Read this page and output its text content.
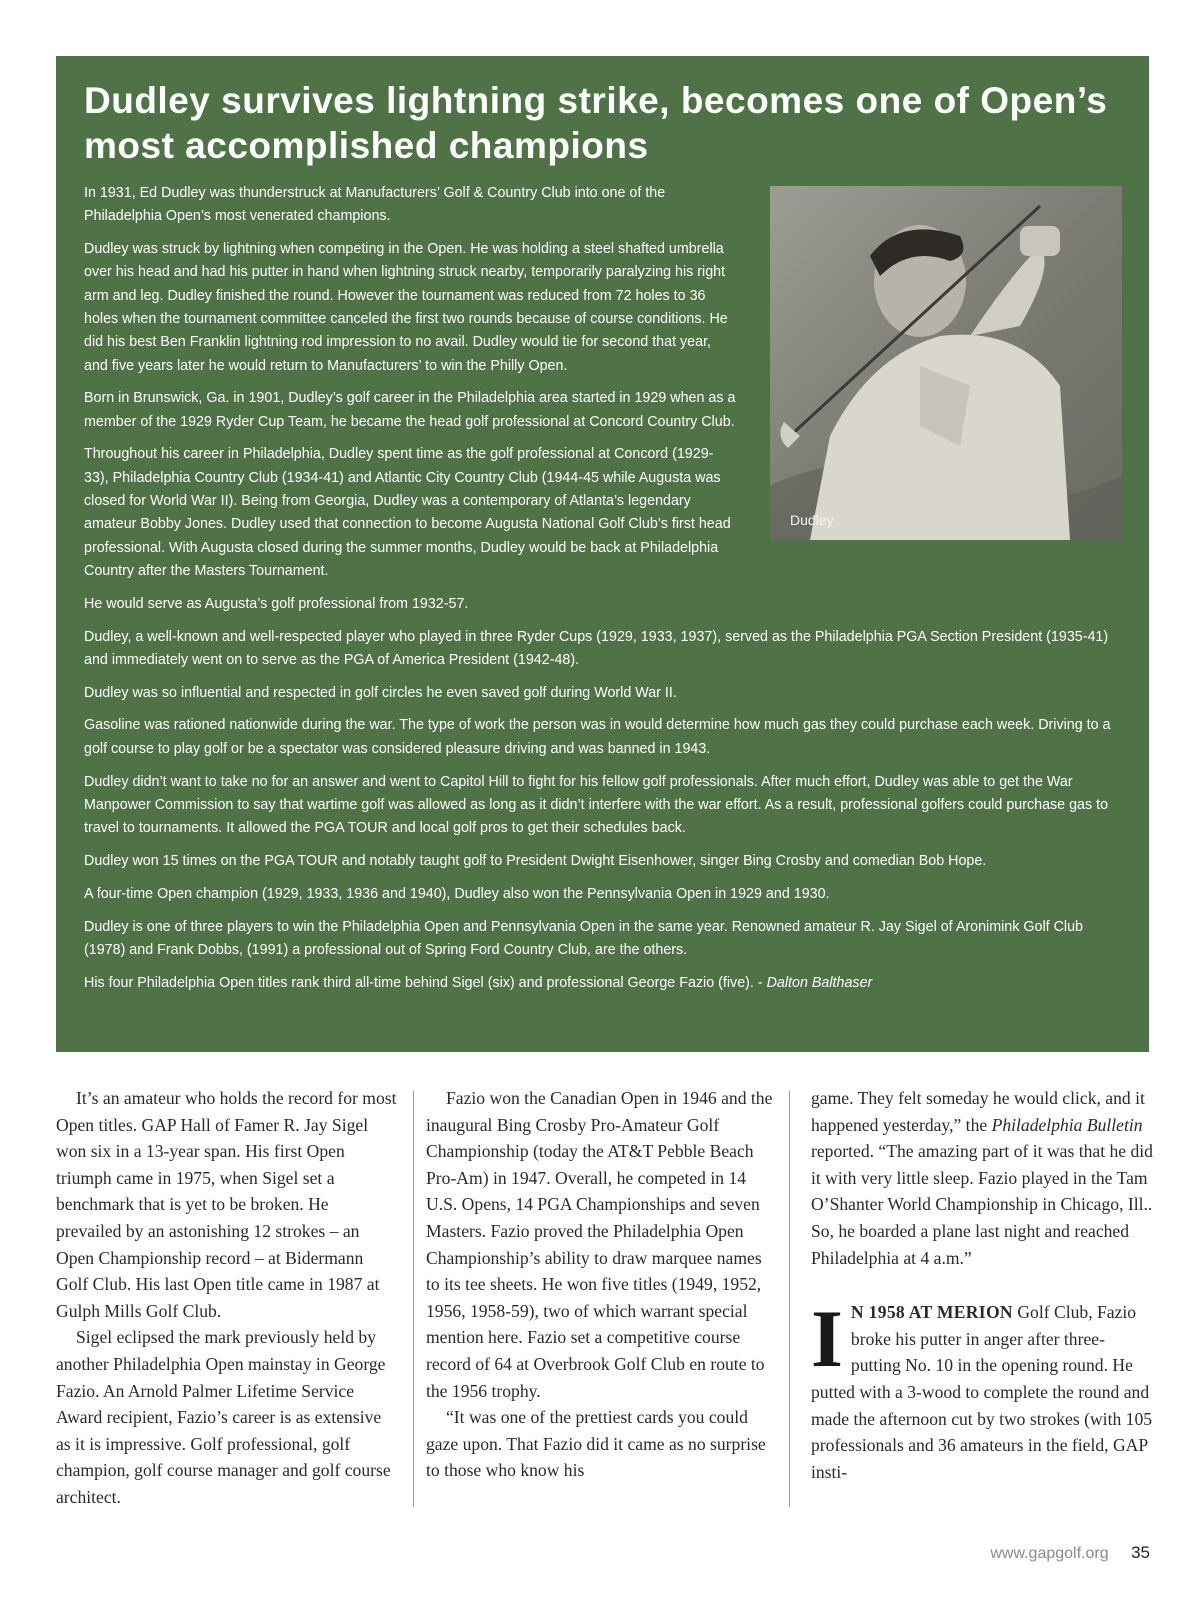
Dudley survives lightning strike, becomes one of Open’s most accomplished champions
Dudley

In 1931, Ed Dudley was thunderstruck at Manufacturers’ Golf & Country Club into one of the Philadelphia Open’s most venerated champions.

Dudley was struck by lightning when competing in the Open. He was holding a steel shafted umbrella over his head and had his putter in hand when lightning struck nearby, temporarily paralyzing his right arm and leg. Dudley finished the round. However the tournament was reduced from 72 holes to 36 holes when the tournament committee canceled the first two rounds because of course conditions. He did his best Ben Franklin lightning rod impression to no avail. Dudley would tie for second that year, and five years later he would return to Manufacturers’ to win the Philly Open.

Born in Brunswick, Ga. in 1901, Dudley’s golf career in the Philadelphia area started in 1929 when as a member of the 1929 Ryder Cup Team, he became the head golf professional at Concord Country Club.

Throughout his career in Philadelphia, Dudley spent time as the golf professional at Concord (1929-33), Philadelphia Country Club (1934-41) and Atlantic City Country Club (1944-45 while Augusta was closed for World War II). Being from Georgia, Dudley was a contemporary of Atlanta’s legendary amateur Bobby Jones. Dudley used that connection to become Augusta National Golf Club’s first head professional. With Augusta closed during the summer months, Dudley would be back at Philadelphia Country after the Masters Tournament.

He would serve as Augusta’s golf professional from 1932-57.

Dudley, a well-known and well-respected player who played in three Ryder Cups (1929, 1933, 1937), served as the Philadelphia PGA Section President (1935-41) and immediately went on to serve as the PGA of America President (1942-48).

Dudley was so influential and respected in golf circles he even saved golf during World War II.

Gasoline was rationed nationwide during the war. The type of work the person was in would determine how much gas they could purchase each week. Driving to a golf course to play golf or be a spectator was considered pleasure driving and was banned in 1943.

Dudley didn’t want to take no for an answer and went to Capitol Hill to fight for his fellow golf professionals. After much effort, Dudley was able to get the War Manpower Commission to say that wartime golf was allowed as long as it didn’t interfere with the war effort. As a result, professional golfers could purchase gas to travel to tournaments. It allowed the PGA TOUR and local golf pros to get their schedules back.

Dudley won 15 times on the PGA TOUR and notably taught golf to President Dwight Eisenhower, singer Bing Crosby and comedian Bob Hope.

A four-time Open champion (1929, 1933, 1936 and 1940), Dudley also won the Pennsylvania Open in 1929 and 1930.

Dudley is one of three players to win the Philadelphia Open and Pennsylvania Open in the same year. Renowned amateur R. Jay Sigel of Aronimink Golf Club (1978) and Frank Dobbs, (1991) a professional out of Spring Ford Country Club, are the others.

His four Philadelphia Open titles rank third all-time behind Sigel (six) and professional George Fazio (five). - Dalton Balthaser

It’s an amateur who holds the record for most Open titles. GAP Hall of Famer R. Jay Sigel won six in a 13-year span. His first Open triumph came in 1975, when Sigel set a benchmark that is yet to be broken. He prevailed by an astonishing 12 strokes – an Open Championship record – at Bidermann Golf Club. His last Open title came in 1987 at Gulph Mills Golf Club.

Sigel eclipsed the mark previously held by another Philadelphia Open mainstay in George Fazio. An Arnold Palmer Lifetime Service Award recipient, Fazio’s career is as extensive as it is impressive. Golf professional, golf champion, golf course manager and golf course architect.

Fazio won the Canadian Open in 1946 and the inaugural Bing Crosby Pro-Amateur Golf Championship (today the AT&T Pebble Beach Pro-Am) in 1947. Overall, he competed in 14 U.S. Opens, 14 PGA Championships and seven Masters. Fazio proved the Philadelphia Open Championship’s ability to draw marquee names to its tee sheets. He won five titles (1949, 1952, 1956, 1958-59), two of which warrant special mention here. Fazio set a competitive course record of 64 at Overbrook Golf Club en route to the 1956 trophy.

“It was one of the prettiest cards you could gaze upon. That Fazio did it came as no surprise to those who know his

game. They felt someday he would click, and it happened yesterday,” the Philadelphia Bulletin reported. “The amazing part of it was that he did it with very little sleep. Fazio played in the Tam O’Shanter World Championship in Chicago, Ill.. So, he boarded a plane last night and reached Philadelphia at 4 a.m.”

I N 1958 AT MERION Golf Club, Fazio broke his putter in anger after three-putting No. 10 in the opening round. He putted with a 3-wood to complete the round and made the afternoon cut by two strokes (with 105 professionals and 36 amateurs in the field, GAP insti-

www.gapgolf.org 35
